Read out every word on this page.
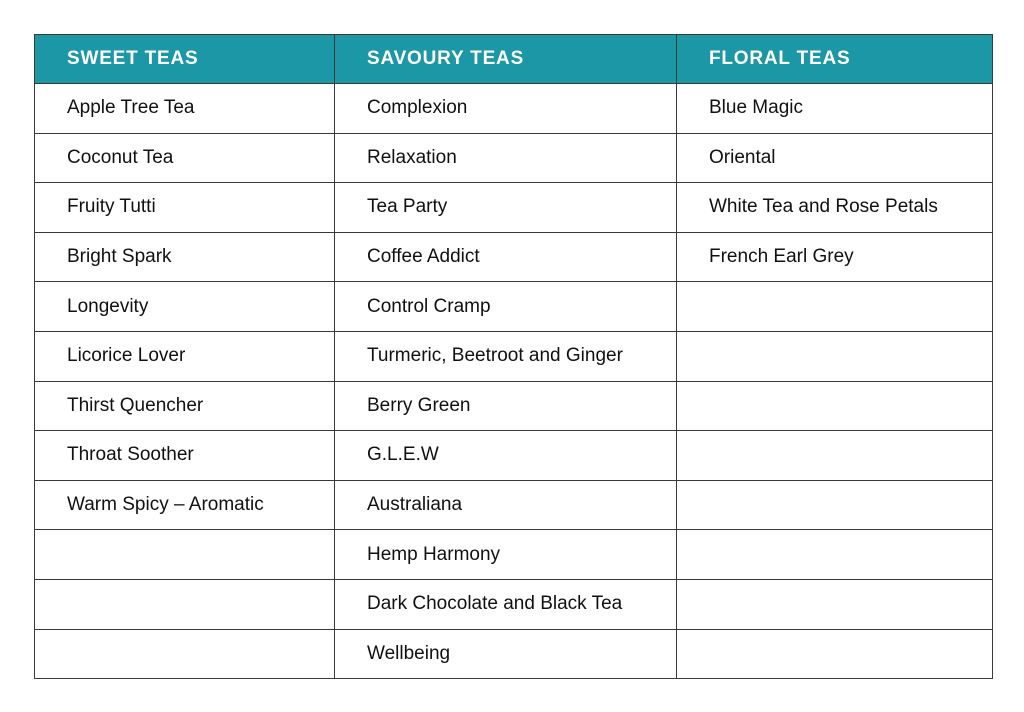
SWEET TEAS	SAVOURY TEAS	FLORAL TEAS
Apple Tree Tea	Complexion	Blue Magic
Coconut Tea	Relaxation	Oriental
Fruity Tutti	Tea Party	White Tea and Rose Petals
Bright Spark	Coffee Addict	French Earl Grey
Longevity	Control Cramp	
Licorice Lover	Turmeric, Beetroot and Ginger	
Thirst Quencher	Berry Green	
Throat Soother	G.L.E.W	
Warm Spicy – Aromatic	Australiana	
	Hemp Harmony	
	Dark Chocolate and Black Tea	
	Wellbeing	
